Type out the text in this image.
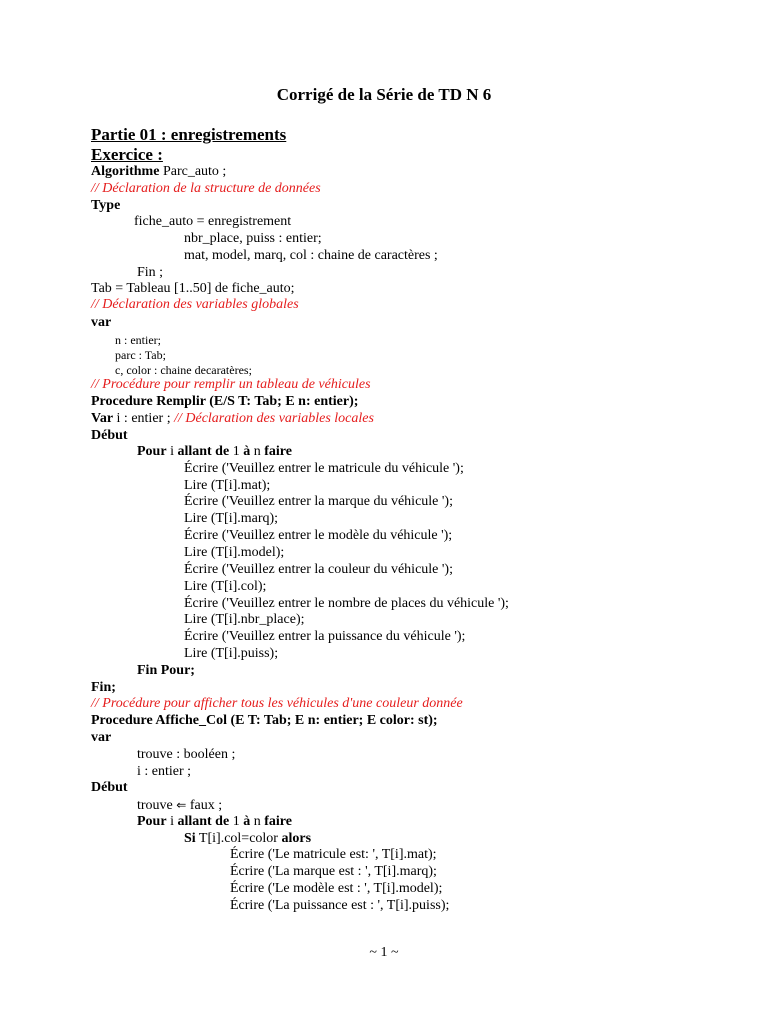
Corrigé de la Série de TD N 6
Partie 01 : enregistrements
Exercice :
Algorithme Parc_auto ;
// Déclaration de la structure de données
Type
fiche_auto = enregistrement
nbr_place, puiss : entier;
mat, model, marq, col : chaine de caractères ;
Fin ;
Tab = Tableau [1..50] de fiche_auto;
// Déclaration des variables globales
var
n : entier;
parc : Tab;
c, color : chaine decaratères;
// Procédure pour remplir un tableau de véhicules
Procedure Remplir (E/S T: Tab; E n: entier);
Var i : entier ; // Déclaration des variables locales
Début
Pour i allant de 1 à n faire
Écrire ('Veuillez entrer le matricule du véhicule ');
Lire (T[i].mat);
Écrire ('Veuillez entrer la marque du véhicule ');
Lire (T[i].marq);
Écrire ('Veuillez entrer le modèle du véhicule ');
Lire (T[i].model);
Écrire ('Veuillez entrer la couleur du véhicule ');
Lire (T[i].col);
Écrire ('Veuillez entrer le nombre de places du véhicule ');
Lire (T[i].nbr_place);
Écrire ('Veuillez entrer la puissance du véhicule ');
Lire (T[i].puiss);
Fin Pour;
Fin;
// Procédure pour afficher tous les véhicules d'une couleur donnée
Procedure Affiche_Col (E T: Tab; E n: entier; E color: st);
var
trouve : booléen ;
i : entier ;
Début
trouve ⇐ faux ;
Pour i allant de 1 à n faire
Si T[i].col=color alors
Écrire ('Le matricule est: ', T[i].mat);
Écrire ('La marque est : ', T[i].marq);
Écrire ('Le modèle est : ', T[i].model);
Écrire ('La puissance est : ', T[i].puiss);
~ 1 ~
